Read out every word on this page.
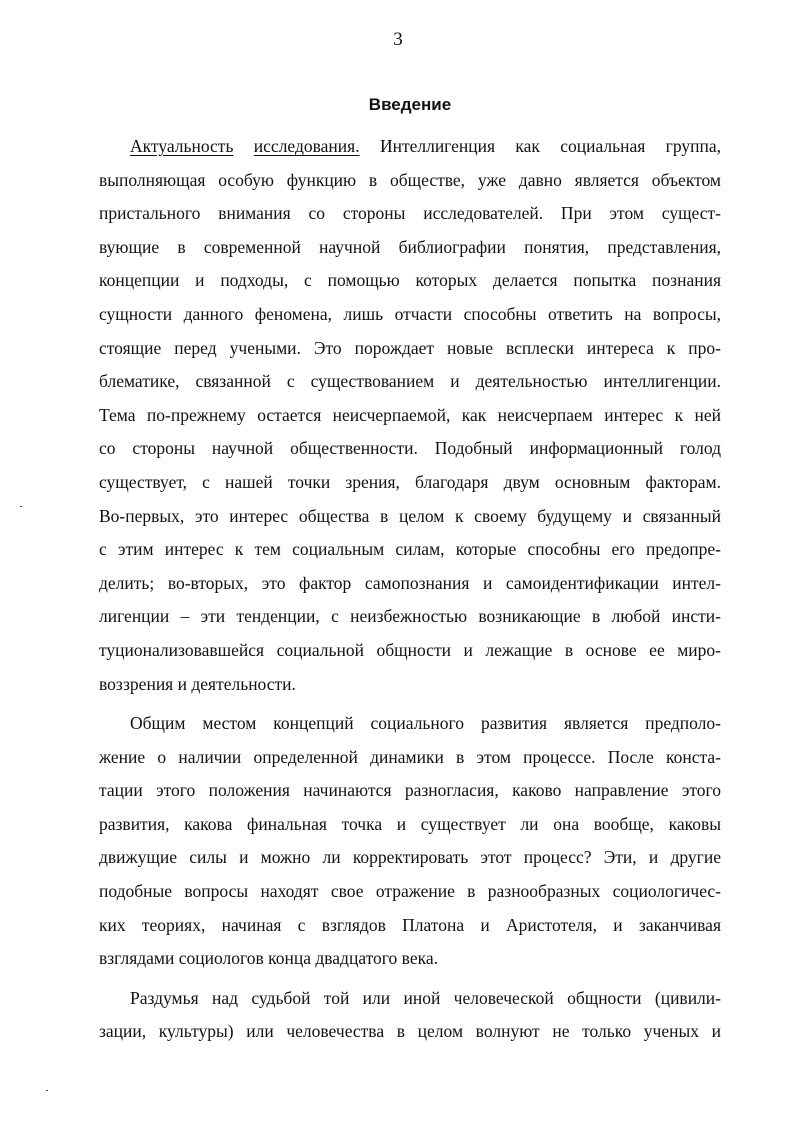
3
Введение
Актуальность исследования. Интеллигенция как социальная группа,
выполняющая особую функцию в обществе, уже давно является объектом
пристального внимания со стороны исследователей. При этом сущест-
вующие в современной научной библиографии понятия, представления,
концепции и подходы, с помощью которых делается попытка познания
сущности данного феномена, лишь отчасти способны ответить на вопросы,
стоящие перед учеными. Это порождает новые всплески интереса к про-
блематике, связанной с существованием и деятельностью интеллигенции.
Тема по-прежнему остается неисчерпаемой, как неисчерпаем интерес к ней
со стороны научной общественности. Подобный информационный голод
существует, с нашей точки зрения, благодаря двум основным факторам.
Во-первых, это интерес общества в целом к своему будущему и связанный
с этим интерес к тем социальным силам, которые способны его предопре-
делить; во-вторых, это фактор самопознания и самоидентификации интел-
лигенции – эти тенденции, с неизбежностью возникающие в любой инсти-
туционализовавшейся социальной общности и лежащие в основе ее миро-
воззрения и деятельности.
Общим местом концепций социального развития является предполо-
жение о наличии определенной динамики в этом процессе. После конста-
тации этого положения начинаются разногласия, каково направление этого
развития, какова финальная точка и существует ли она вообще, каковы
движущие силы и можно ли корректировать этот процесс? Эти, и другие
подобные вопросы находят свое отражение в разнообразных социологичес-
ких теориях, начиная с взглядов Платона и Аристотеля, и заканчивая
взглядами социологов конца двадцатого века.
Раздумья над судьбой той или иной человеческой общности (цивили-
зации, культуры) или человечества в целом волнуют не только ученых и
